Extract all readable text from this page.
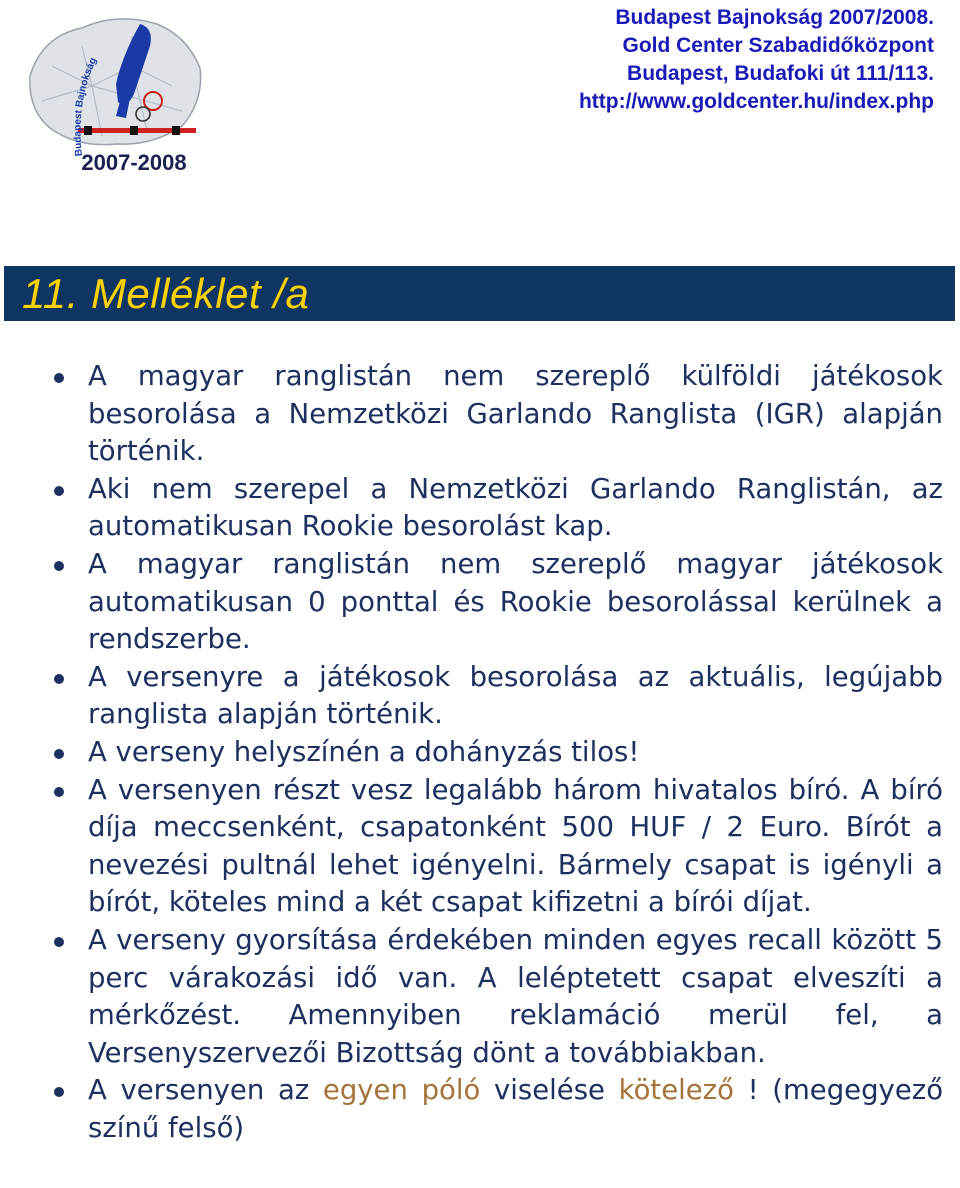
Budapest Bajnokság
2007-2008
Budapest Bajnokság 2007/2008.
Gold Center Szabadidőközpont
Budapest, Budafoki út 111/113.
http://www.goldcenter.hu/index.php
11. Melléklet /a
A magyar ranglistán nem szereplő külföldi játékosok besorolása a Nemzetközi Garlando Ranglista (IGR) alapján történik.
Aki nem szerepel a Nemzetközi Garlando Ranglistán, az automatikusan Rookie besorolást kap.
A magyar ranglistán nem szereplő magyar játékosok automatikusan 0 ponttal és Rookie besorolással kerülnek a rendszerbe.
A versenyre a játékosok besorolása az aktuális, legújabb ranglista alapján történik.
A verseny helyszínén a dohányzás tilos!
A versenyen részt vesz legalább három hivatalos bíró. A bíró díja meccsenként, csapatonként 500 HUF / 2 Euro. Bírót a nevezési pultnál lehet igényelni. Bármely csapat is igényli a bírót, köteles mind a két csapat kifizetni a bírói díjat.
A verseny gyorsítása érdekében minden egyes recall között 5 perc várakozási idő van. A leléptetett csapat elveszíti a mérkőzést. Amennyiben reklamáció merül fel, a Versenyszervezői Bizottság dönt a továbbiakban.
A versenyen az egyen póló viselése kötelező ! (megegyező színű felső)
